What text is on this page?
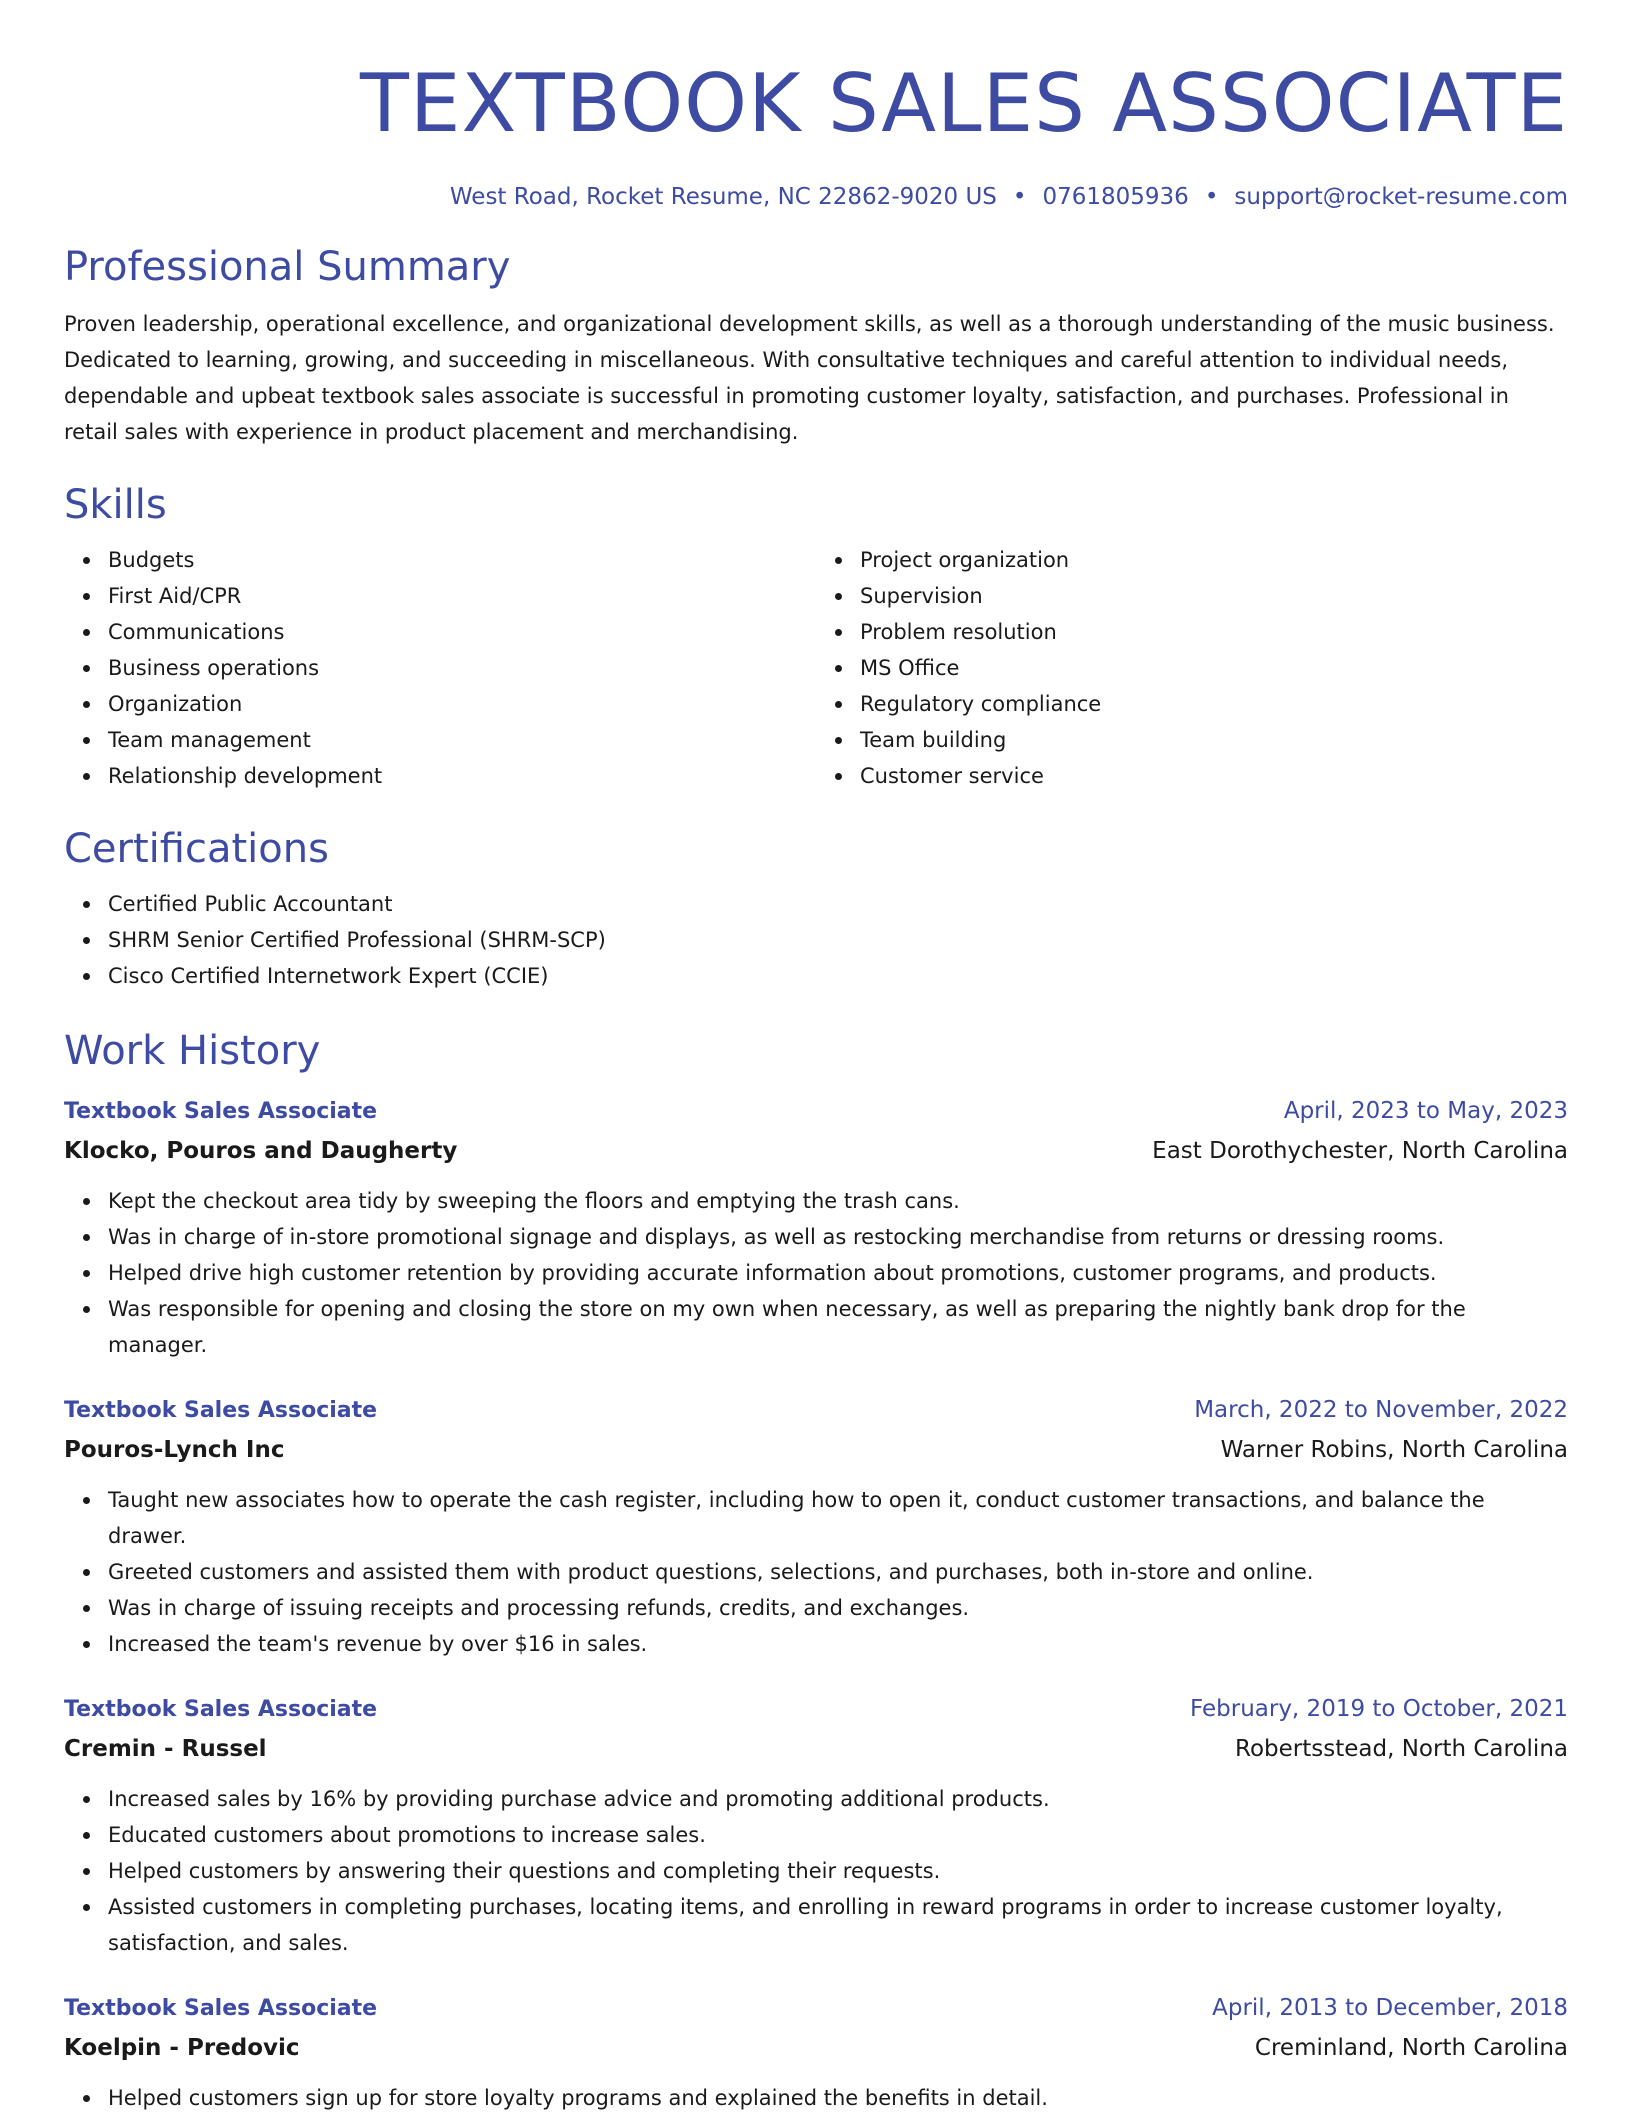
TEXTBOOK SALES ASSOCIATE
West Road, Rocket Resume, NC 22862-9020 US • 0761805936 • support@rocket-resume.com
Professional Summary
Proven leadership, operational excellence, and organizational development skills, as well as a thorough understanding of the music business. Dedicated to learning, growing, and succeeding in miscellaneous. With consultative techniques and careful attention to individual needs, dependable and upbeat textbook sales associate is successful in promoting customer loyalty, satisfaction, and purchases. Professional in retail sales with experience in product placement and merchandising.
Skills
Budgets
First Aid/CPR
Communications
Business operations
Organization
Team management
Relationship development
Project organization
Supervision
Problem resolution
MS Office
Regulatory compliance
Team building
Customer service
Certifications
Certified Public Accountant
SHRM Senior Certified Professional (SHRM-SCP)
Cisco Certified Internetwork Expert (CCIE)
Work History
Textbook Sales Associate	April, 2023 to May, 2023
Klocko, Pouros and Daugherty	East Dorothychester, North Carolina
Kept the checkout area tidy by sweeping the floors and emptying the trash cans.
Was in charge of in-store promotional signage and displays, as well as restocking merchandise from returns or dressing rooms.
Helped drive high customer retention by providing accurate information about promotions, customer programs, and products.
Was responsible for opening and closing the store on my own when necessary, as well as preparing the nightly bank drop for the manager.
Textbook Sales Associate	March, 2022 to November, 2022
Pouros-Lynch Inc	Warner Robins, North Carolina
Taught new associates how to operate the cash register, including how to open it, conduct customer transactions, and balance the drawer.
Greeted customers and assisted them with product questions, selections, and purchases, both in-store and online.
Was in charge of issuing receipts and processing refunds, credits, and exchanges.
Increased the team's revenue by over $16 in sales.
Textbook Sales Associate	February, 2019 to October, 2021
Cremin - Russel	Robertsstead, North Carolina
Increased sales by 16% by providing purchase advice and promoting additional products.
Educated customers about promotions to increase sales.
Helped customers by answering their questions and completing their requests.
Assisted customers in completing purchases, locating items, and enrolling in reward programs in order to increase customer loyalty, satisfaction, and sales.
Textbook Sales Associate	April, 2013 to December, 2018
Koelpin - Predovic	Creminland, North Carolina
Helped customers sign up for store loyalty programs and explained the benefits in detail.
